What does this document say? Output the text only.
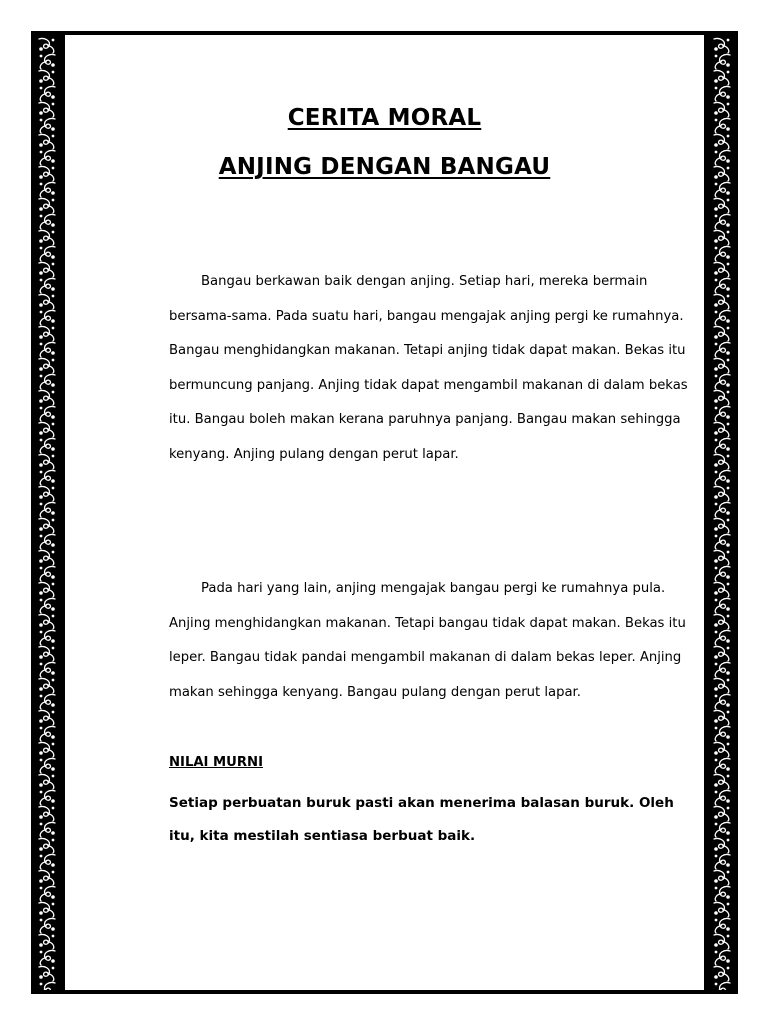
CERITA MORAL
ANJING DENGAN BANGAU

Bangau berkawan baik dengan anjing. Setiap hari, mereka bermain bersama-sama. Pada suatu hari, bangau mengajak anjing pergi ke rumahnya. Bangau menghidangkan makanan. Tetapi anjing tidak dapat makan. Bekas itu bermuncung panjang. Anjing tidak dapat mengambil makanan di dalam bekas itu. Bangau boleh makan kerana paruhnya panjang. Bangau makan sehingga kenyang. Anjing pulang dengan perut lapar.

Pada hari yang lain, anjing mengajak bangau pergi ke rumahnya pula. Anjing menghidangkan makanan. Tetapi bangau tidak dapat makan. Bekas itu leper. Bangau tidak pandai mengambil makanan di dalam bekas leper. Anjing makan sehingga kenyang. Bangau pulang dengan perut lapar.

NILAI MURNI

Setiap perbuatan buruk pasti akan menerima balasan buruk. Oleh itu, kita mestilah sentiasa berbuat baik.
